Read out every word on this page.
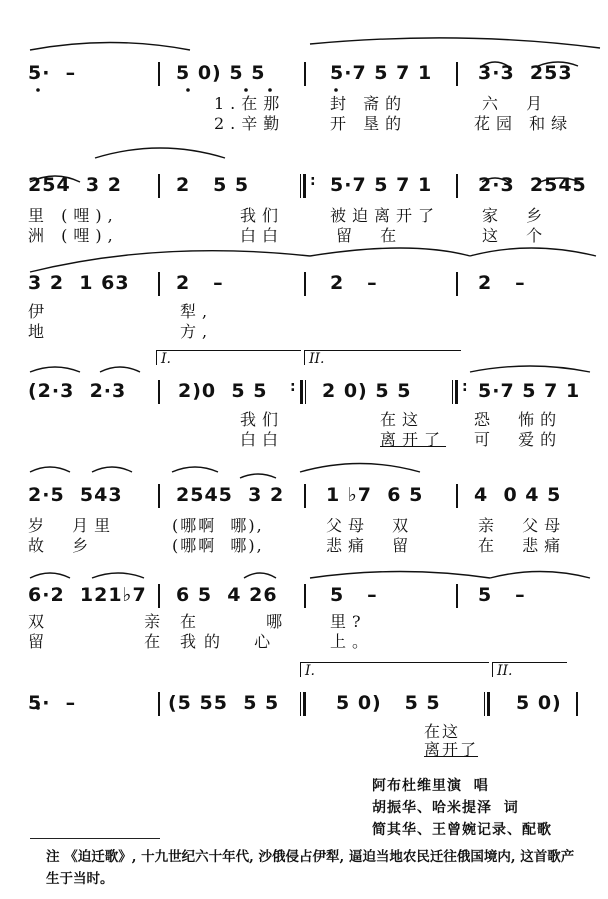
5·  –	5 0) 5 5	5·7 5 7 1 3·3  253
1.在那	封 斋的	六  月
2.辛勤	开 垦的	花园 和绿
254  3 2	2   5 5	: 5·7 5 7 1 2·3  2545
里 (哩),	我们	被迫离开了	家  乡
洲 (哩),	白白	留  在	这  个
3 2  1 63 2   –	2   –	2   –
伊	犁,
地	方,
I.	II.
(2·3  2·3	2)0  5 5 : 2 0) 5 5	: 5·7 5 7 1
我们	在这	恐  怖的
白白	离开了 可  爱的
2·5  543	2545  3 2 1 ♭7  6 5	4  0 4 5
岁  月里	(哪啊  哪),	父母  双	亲  父母
故  乡	(哪啊  哪),	悲痛  留	在  悲痛
6·2  121♭7 6 5  4 26	5   –	5   –
双  亲
在  哪 里?
留  在
我的  心	上。
I.	II.
5·  –	(5 55  5 5	5 0)   5 5	5 0)
在这
离开了
阿布杜维里演  唱
胡振华、哈米提泽  词
简其华、王曾婉记录、配歌
注 《迫迁歌》, 十九世纪六十年代, 沙俄侵占伊犁, 逼迫当地农民迁往俄国境内, 这首歌产生于当时。
